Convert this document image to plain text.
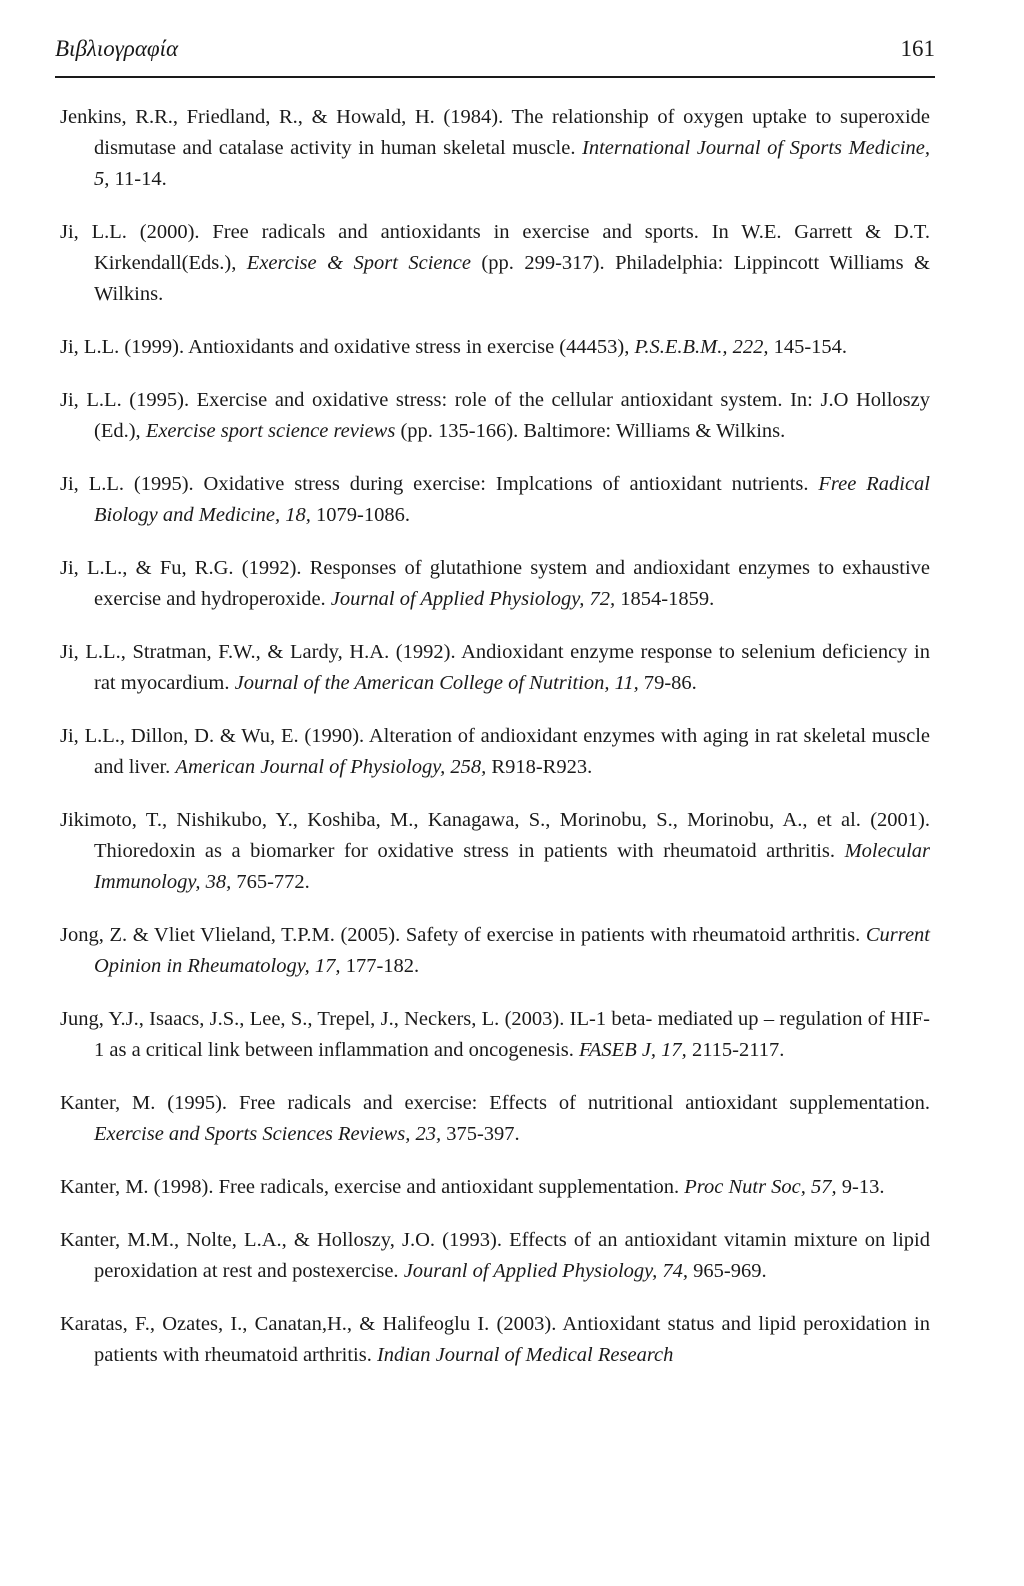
Βιβλιογραφία	161
Jenkins, R.R., Friedland, R., & Howald, H. (1984). The relationship of oxygen uptake to superoxide dismutase and catalase activity in human skeletal muscle. International Journal of Sports Medicine, 5, 11-14.
Ji, L.L. (2000). Free radicals and antioxidants in exercise and sports. In W.E. Garrett & D.T. Kirkendall(Eds.), Exercise & Sport Science (pp. 299-317). Philadelphia: Lippincott Williams & Wilkins.
Ji, L.L. (1999). Antioxidants and oxidative stress in exercise (44453), P.S.E.B.M., 222, 145-154.
Ji, L.L. (1995). Exercise and oxidative stress: role of the cellular antioxidant system. In: J.O Holloszy (Ed.), Exercise sport science reviews (pp. 135-166). Baltimore: Williams & Wilkins.
Ji, L.L. (1995). Oxidative stress during exercise: Implcations of antioxidant nutrients. Free Radical Biology and Medicine, 18, 1079-1086.
Ji, L.L., & Fu, R.G. (1992). Responses of glutathione system and andioxidant enzymes to exhaustive exercise and hydroperoxide. Journal of Applied Physiology, 72, 1854-1859.
Ji, L.L., Stratman, F.W., & Lardy, H.A. (1992). Andioxidant enzyme response to selenium deficiency in rat myocardium. Journal of the American College of Nutrition, 11, 79-86.
Ji, L.L., Dillon, D. & Wu, E. (1990). Alteration of andioxidant enzymes with aging in rat skeletal muscle and liver. American Journal of Physiology, 258, R918-R923.
Jikimoto, T., Nishikubo, Y., Koshiba, M., Kanagawa, S., Morinobu, S., Morinobu, A., et al. (2001). Thioredoxin as a biomarker for oxidative stress in patients with rheumatoid arthritis. Molecular Immunology, 38, 765-772.
Jong, Z. & Vliet Vlieland, T.P.M. (2005). Safety of exercise in patients with rheumatoid arthritis. Current Opinion in Rheumatology, 17, 177-182.
Jung, Y.J., Isaacs, J.S., Lee, S., Trepel, J., Neckers, L. (2003). IL-1 beta- mediated up – regulation of HIF-1 as a critical link between inflammation and oncogenesis. FASEB J, 17, 2115-2117.
Kanter, M. (1995). Free radicals and exercise: Effects of nutritional antioxidant supplementation. Exercise and Sports Sciences Reviews, 23, 375-397.
Kanter, M. (1998). Free radicals, exercise and antioxidant supplementation. Proc Nutr Soc, 57, 9-13.
Kanter, M.M., Nolte, L.A., & Holloszy, J.O. (1993). Effects of an antioxidant vitamin mixture on lipid peroxidation at rest and postexercise. Jouranl of Applied Physiology, 74, 965-969.
Karatas, F., Ozates, I., Canatan,H., & Halifeoglu I. (2003). Antioxidant status and lipid peroxidation in patients with rheumatoid arthritis. Indian Journal of Medical Research
